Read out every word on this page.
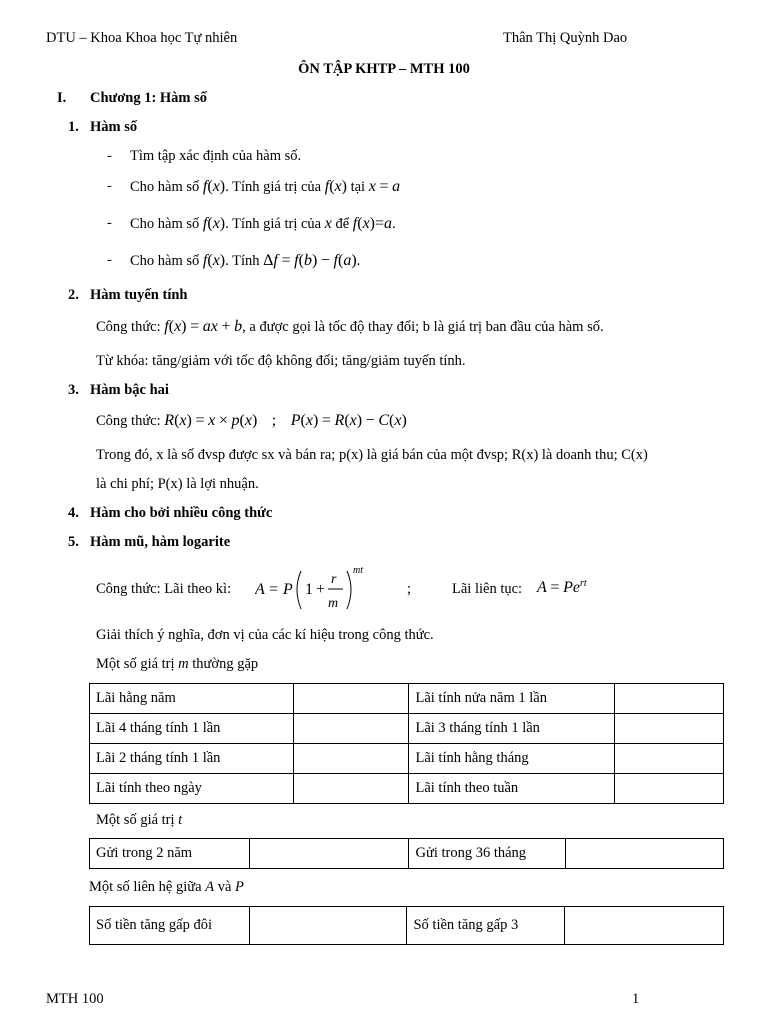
DTU – Khoa Khoa học Tự nhiên	Thân Thị Quỳnh Dao
ÔN TẬP KHTP – MTH 100
I. Chương 1: Hàm số
1. Hàm số
- Tìm tập xác định của hàm số.
- Cho hàm số f(x). Tính giá trị của f(x) tại x = a
- Cho hàm số f(x). Tính giá trị của x để f(x)=a.
- Cho hàm số f(x). Tính Δf = f(b) − f(a).
2. Hàm tuyến tính
Công thức: f(x) = ax + b, a được gọi là tốc độ thay đổi; b là giá trị ban đầu của hàm số.
Từ khóa: tăng/giảm với tốc độ không đổi; tăng/giảm tuyến tính.
3. Hàm bậc hai
Công thức: R(x) = x × p(x) ; P(x) = R(x) − C(x)
Trong đó, x là số đvsp được sx và bán ra; p(x) là giá bán của một đvsp; R(x) là doanh thu; C(x)
là chi phí; P(x) là lợi nhuận.
4. Hàm cho bởi nhiều công thức
5. Hàm mũ, hàm logarite
Công thức: Lãi theo kì: A = P 1 +
r
m
mt
;	Lãi liên tục: $A = Pe^{rt}$
Giải thích ý nghĩa, đơn vị của các kí hiệu trong công thức.
Một số giá trị m thường gặp
Lãi hằng năm		Lãi tính nửa năm 1 lần	
Lãi 4 tháng tính 1 lần		Lãi 3 tháng tính 1 lần	
Lãi 2 tháng tính 1 lần		Lãi tính hằng tháng	
Lãi tính theo ngày		Lãi tính theo tuần	
Một số giá trị t
Gửi trong 2 năm		Gửi trong 36 tháng	
Một số liên hệ giữa A và P
Số tiền tăng gấp đôi		Số tiền tăng gấp 3	
MTH 100	1
